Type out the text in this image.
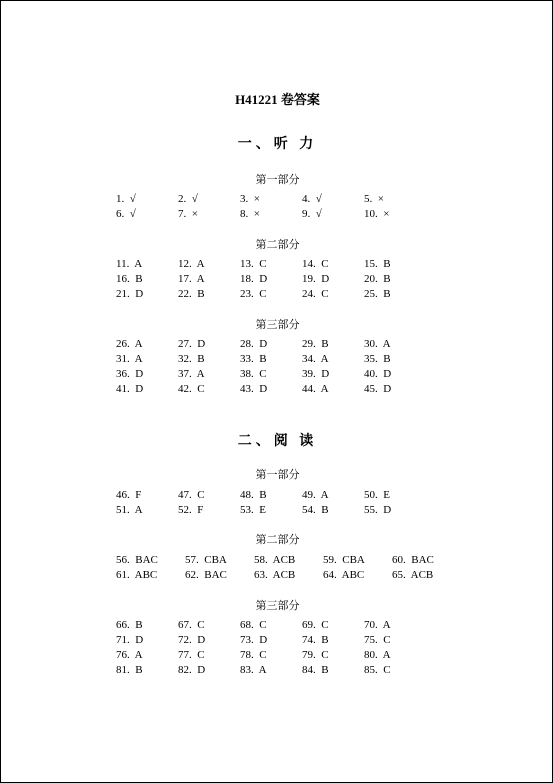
H41221 卷答案
一、听 力
第一部分
1.  √	2.  √	3.  ×	4.  √	5.  ×
6.  √	7.  ×	8.  ×	9.  √	10.  ×
第二部分
11.  A	12.  A	13.  C	14.  C	15.  B
16.  B	17.  A	18.  D	19.  D	20.  B
21.  D	22.  B	23.  C	24.  C	25.  B
第三部分
26.  A	27.  D	28.  D	29.  B	30.  A
31.  A	32.  B	33.  B	34.  A	35.  B
36.  D	37.  A	38.  C	39.  D	40.  D
41.  D	42.  C	43.  D	44.  A	45.  D
二、阅 读
第一部分
46.  F	47.  C	48.  B	49.  A	50.  E
51.  A	52.  F	53.  E	54.  B	55.  D
第二部分
56.  BAC	57.  CBA	58.  ACB	59.  CBA	60.  BAC
61.  ABC	62.  BAC	63.  ACB	64.  ABC	65.  ACB
第三部分
66.  B	67.  C	68.  C	69.  C	70.  A
71.  D	72.  D	73.  D	74.  B	75.  C
76.  A	77.  C	78.  C	79.  C	80.  A
81.  B	82.  D	83.  A	84.  B	85.  C
